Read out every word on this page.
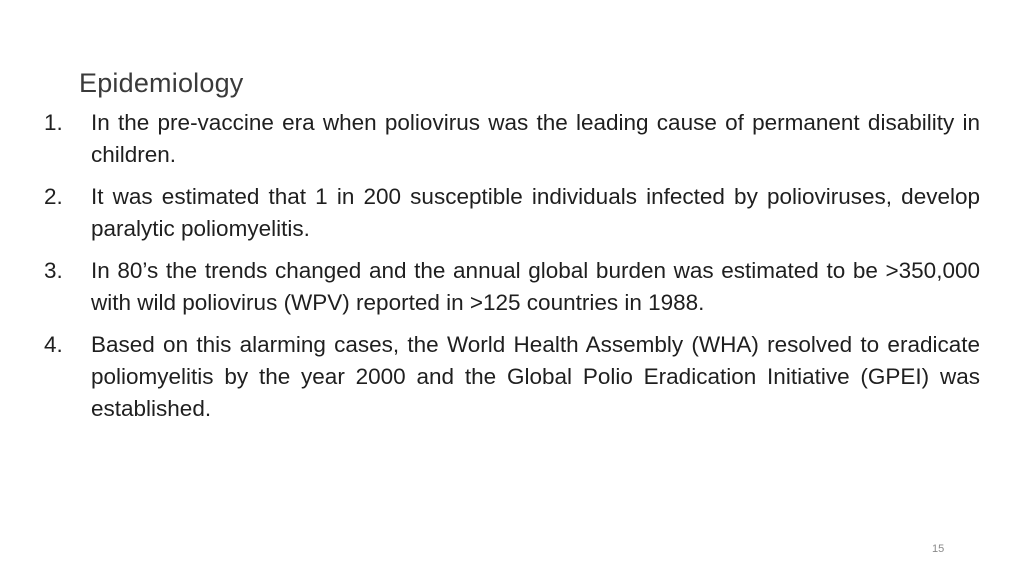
Epidemiology
1. In the pre-vaccine era when poliovirus was the leading cause of permanent disability in children.
2. It was estimated that 1 in 200 susceptible individuals infected by polioviruses, develop paralytic poliomyelitis.
3. In 80’s the trends changed and the annual global burden was estimated to be >350,000 with wild poliovirus (WPV) reported in >125 countries in 1988.
4. Based on this alarming cases, the World Health Assembly (WHA) resolved to eradicate poliomyelitis by the year 2000 and the Global Polio Eradication Initiative (GPEI) was established.
15
